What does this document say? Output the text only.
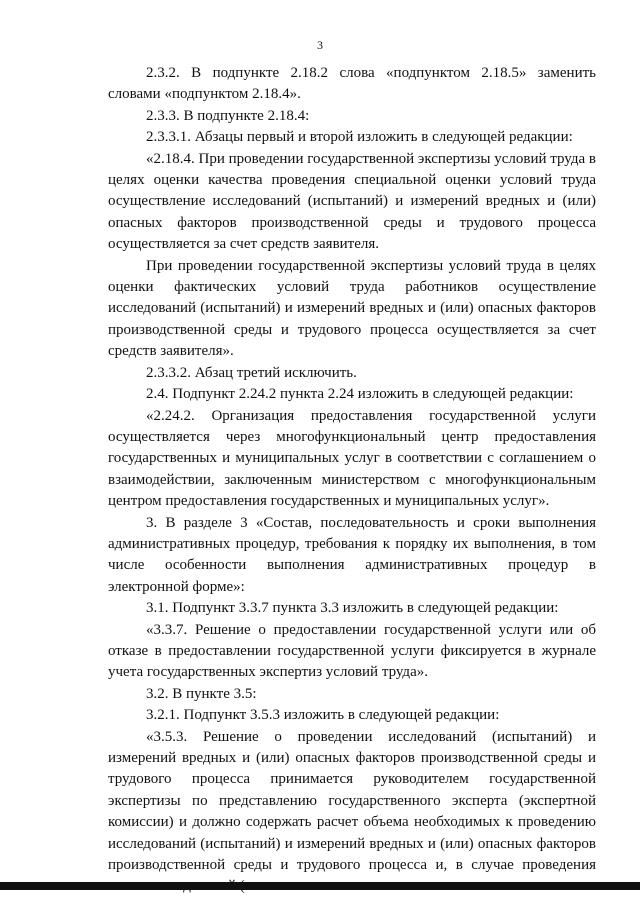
3

2.3.2. В подпункте 2.18.2 слова «подпунктом 2.18.5» заменить словами «подпунктом 2.18.4».

2.3.3. В подпункте 2.18.4:

2.3.3.1. Абзацы первый и второй изложить в следующей редакции:

«2.18.4. При проведении государственной экспертизы условий труда в целях оценки качества проведения специальной оценки условий труда осуществление исследований (испытаний) и измерений вредных и (или) опасных факторов производственной среды и трудового процесса осуществляется за счет средств заявителя.

При проведении государственной экспертизы условий труда в целях оценки фактических условий труда работников осуществление исследований (испытаний) и измерений вредных и (или) опасных факторов производственной среды и трудового процесса осуществляется за счет средств заявителя».

2.3.3.2. Абзац третий исключить.

2.4. Подпункт 2.24.2 пункта 2.24 изложить в следующей редакции:

«2.24.2. Организация предоставления государственной услуги осуществляется через многофункциональный центр предоставления государственных и муниципальных услуг в соответствии с соглашением о взаимодействии, заключенным министерством с многофункциональным центром предоставления государственных и муниципальных услуг».

3. В разделе 3 «Состав, последовательность и сроки выполнения административных процедур, требования к порядку их выполнения, в том числе особенности выполнения административных процедур в электронной форме»:

3.1. Подпункт 3.3.7 пункта 3.3 изложить в следующей редакции:

«3.3.7. Решение о предоставлении государственной услуги или об отказе в предоставлении государственной услуги фиксируется в журнале учета государственных экспертиз условий труда».

3.2. В пункте 3.5:

3.2.1. Подпункт 3.5.3 изложить в следующей редакции:

«3.5.3. Решение о проведении исследований (испытаний) и измерений вредных и (или) опасных факторов производственной среды и трудового процесса принимается руководителем государственной экспертизы по представлению государственного эксперта (экспертной комиссии) и должно содержать расчет объема необходимых к проведению исследований (испытаний) и измерений вредных и (или) опасных факторов производственной среды и трудового процесса и, в случае проведения
